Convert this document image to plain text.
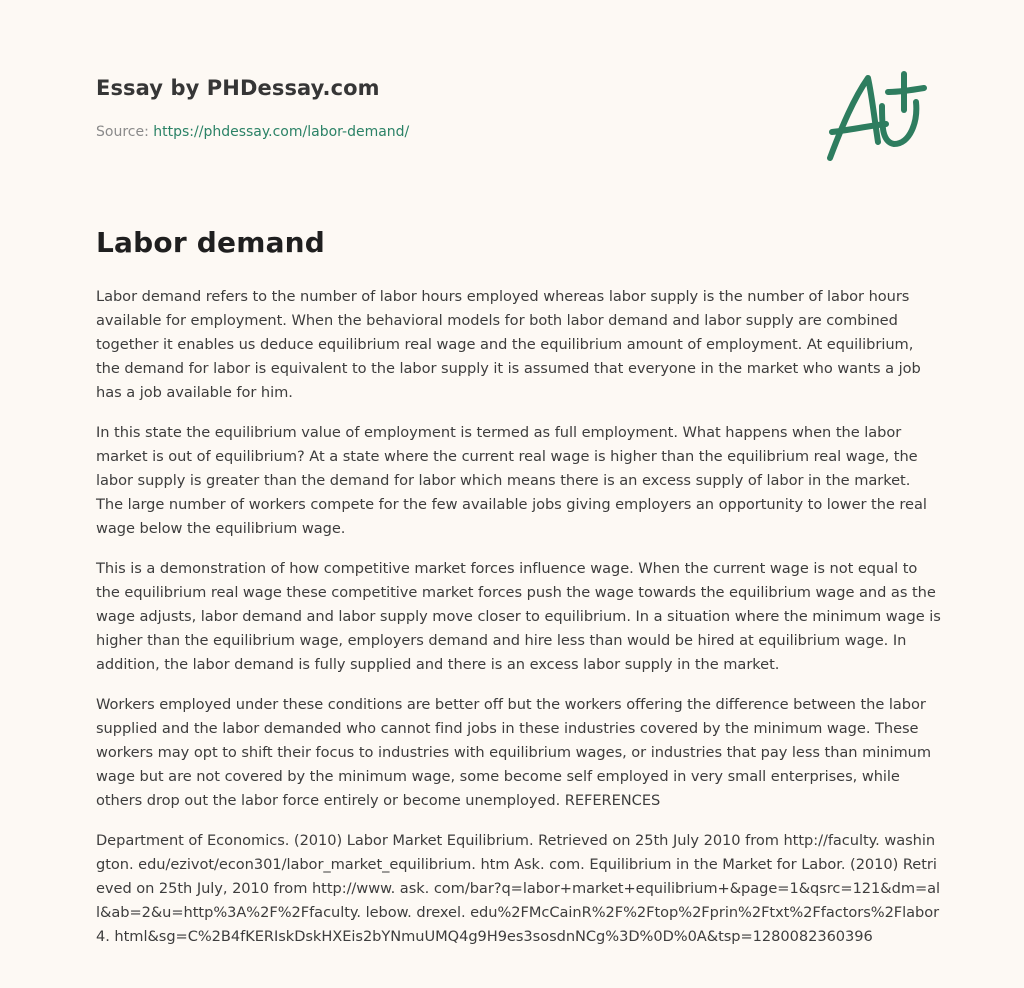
Essay by PHDessay.com
Source: https://phdessay.com/labor-demand/
Labor demand

Labor demand refers to the number of labor hours employed whereas labor supply is the number of labor hours available for employment. When the behavioral models for both labor demand and labor supply are combined together it enables us deduce equilibrium real wage and the equilibrium amount of employment. At equilibrium, the demand for labor is equivalent to the labor supply it is assumed that everyone in the market who wants a job has a job available for him.

In this state the equilibrium value of employment is termed as full employment. What happens when the labor market is out of equilibrium? At a state where the current real wage is higher than the equilibrium real wage, the labor supply is greater than the demand for labor which means there is an excess supply of labor in the market. The large number of workers compete for the few available jobs giving employers an opportunity to lower the real wage below the equilibrium wage.

This is a demonstration of how competitive market forces influence wage. When the current wage is not equal to the equilibrium real wage these competitive market forces push the wage towards the equilibrium wage and as the wage adjusts, labor demand and labor supply move closer to equilibrium. In a situation where the minimum wage is higher than the equilibrium wage, employers demand and hire less than would be hired at equilibrium wage. In addition, the labor demand is fully supplied and there is an excess labor supply in the market.

Workers employed under these conditions are better off but the workers offering the difference between the labor supplied and the labor demanded who cannot find jobs in these industries covered by the minimum wage. These workers may opt to shift their focus to industries with equilibrium wages, or industries that pay less than minimum wage but are not covered by the minimum wage, some become self employed in very small enterprises, while others drop out the labor force entirely or become unemployed. REFERENCES

Department of Economics. (2010) Labor Market Equilibrium. Retrieved on 25th July 2010 from http://faculty. washington. edu/ezivot/econ301/labor_market_equilibrium. htm Ask. com. Equilibrium in the Market for Labor. (2010) Retrieved on 25th July, 2010 from http://www. ask. com/bar?q=labor+market+equilibrium+&page=1&qsrc=121&dm=all&ab=2&u=http%3A%2F%2Ffaculty. lebow. drexel. edu%2FMcCainR%2F%2Ftop%2Fprin%2Ftxt%2Ffactors%2Flabor4. html&sg=C%2B4fKERIskDskHXEis2bYNmuUMQ4g9H9es3sosdnNCg%3D%0D%0A&tsp=1280082360396
